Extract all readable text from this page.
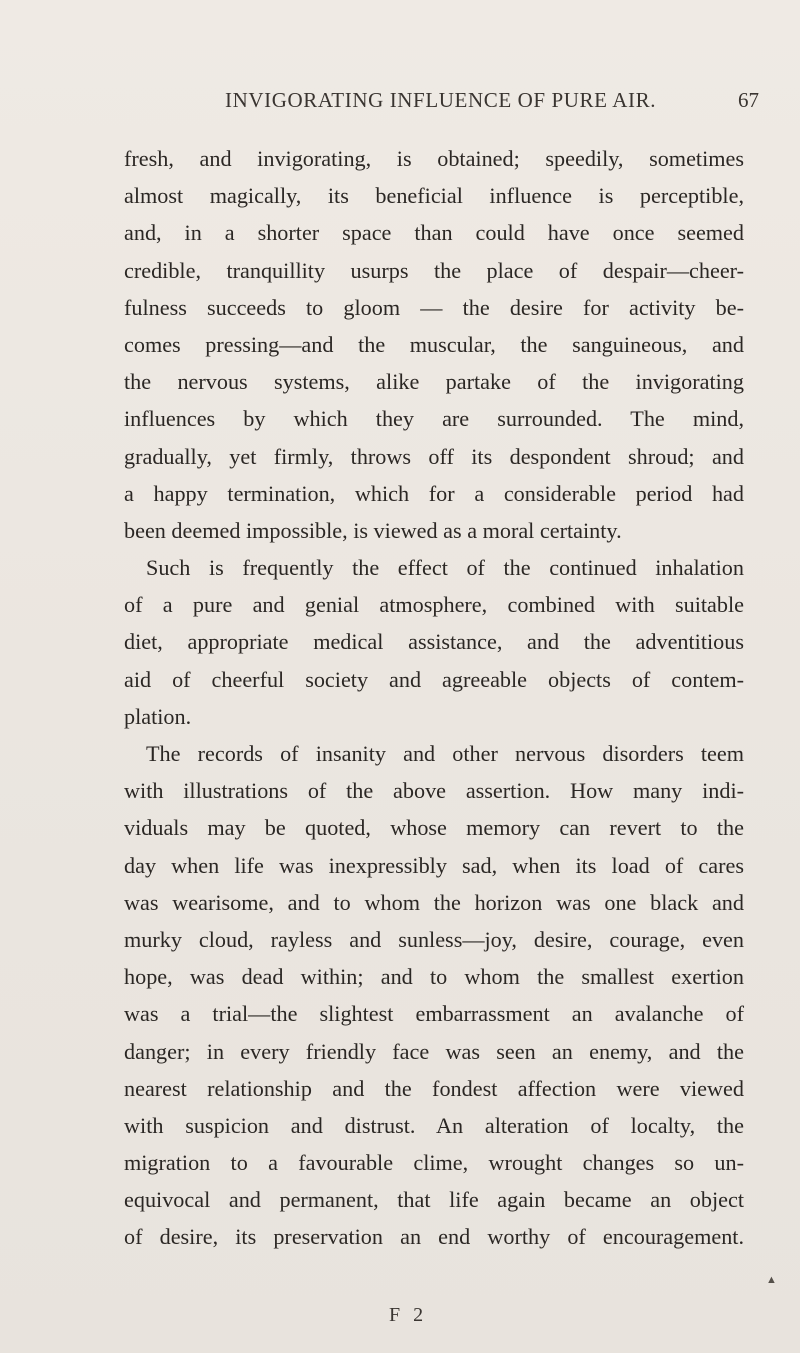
INVIGORATING INFLUENCE OF PURE AIR.	67
fresh, and invigorating, is obtained; speedily, sometimes
almost magically, its beneficial influence is perceptible,
and, in a shorter space than could have once seemed
credible, tranquillity usurps the place of despair—cheer-
fulness succeeds to gloom — the desire for activity be-
comes pressing—and the muscular, the sanguineous, and
the nervous systems, alike partake of the invigorating
influences by which they are surrounded. The mind,
gradually, yet firmly, throws off its despondent shroud; and
a happy termination, which for a considerable period had
been deemed impossible, is viewed as a moral certainty.
Such is frequently the effect of the continued inhalation
of a pure and genial atmosphere, combined with suitable
diet, appropriate medical assistance, and the adventitious
aid of cheerful society and agreeable objects of contem-
plation.
The records of insanity and other nervous disorders teem
with illustrations of the above assertion. How many indi-
viduals may be quoted, whose memory can revert to the
day when life was inexpressibly sad, when its load of cares
was wearisome, and to whom the horizon was one black and
murky cloud, rayless and sunless—joy, desire, courage, even
hope, was dead within; and to whom the smallest exertion
was a trial—the slightest embarrassment an avalanche of
danger; in every friendly face was seen an enemy, and the
nearest relationship and the fondest affection were viewed
with suspicion and distrust. An alteration of localty, the
migration to a favourable clime, wrought changes so un-
equivocal and permanent, that life again became an object
of desire, its preservation an end worthy of encouragement.
▲
F 2
